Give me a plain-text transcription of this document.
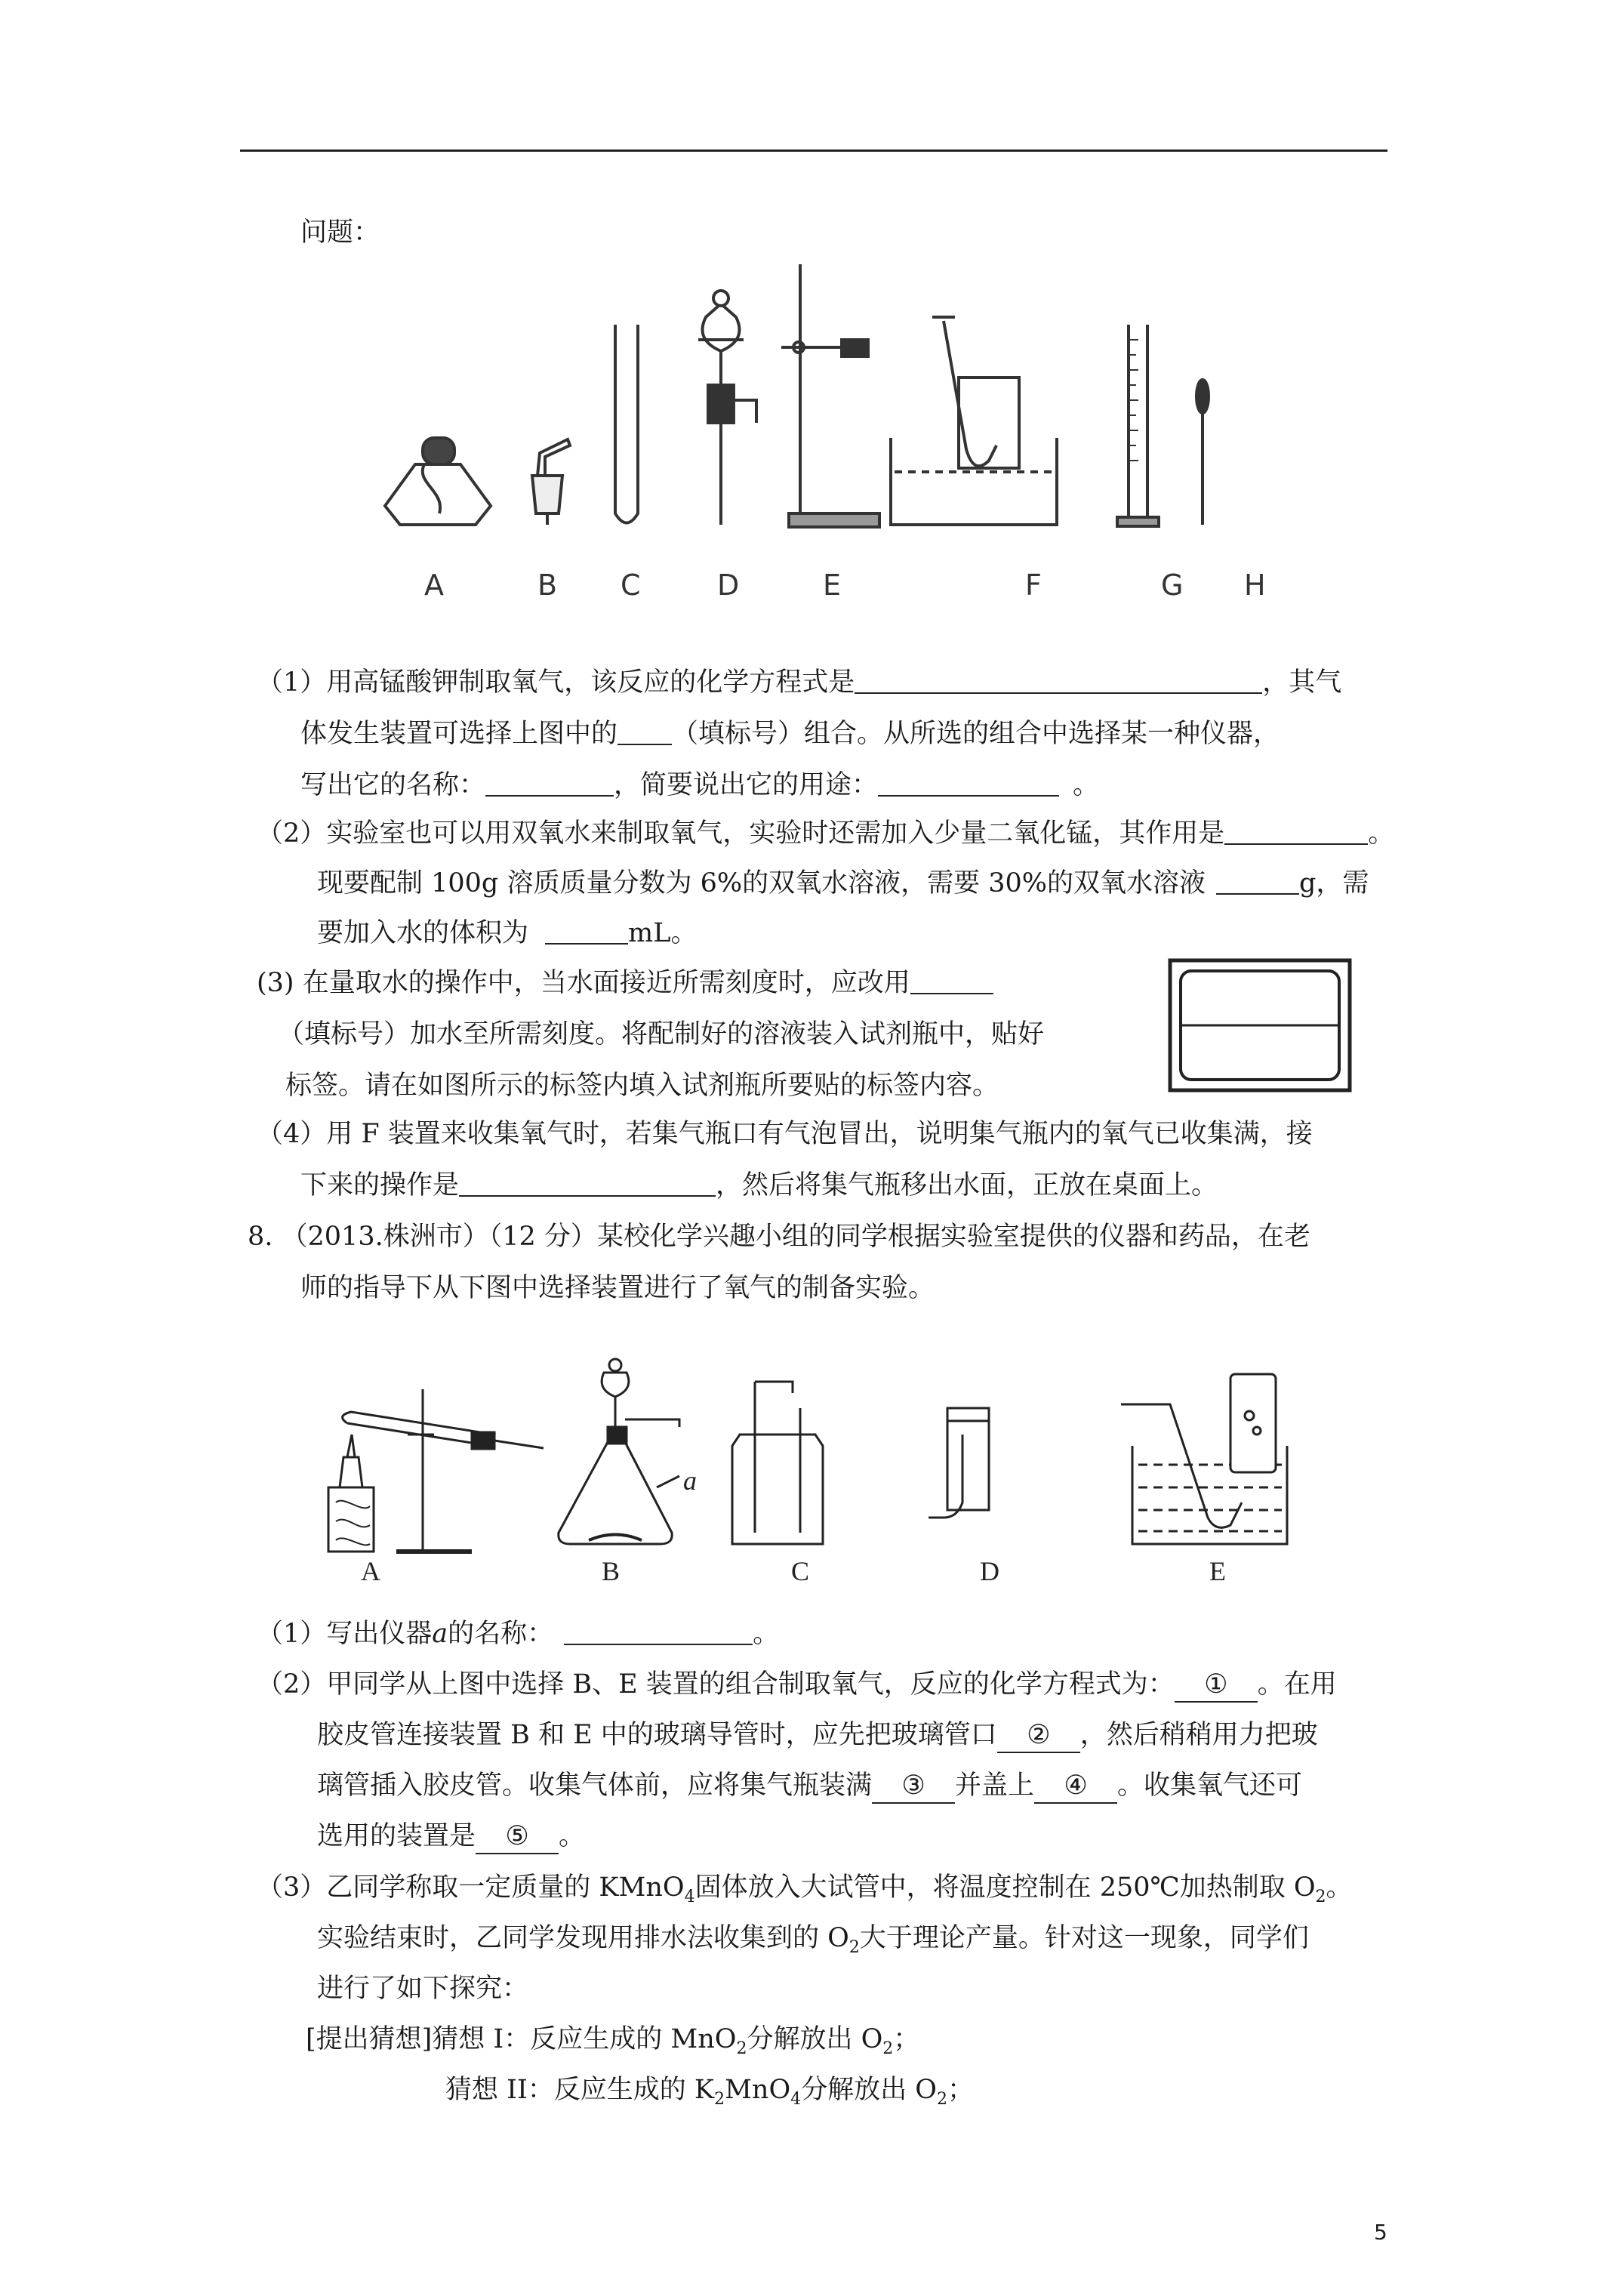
问题：
A	B C	D	E	F	G H
（1）用高锰酸钾制取氧气，该反应的化学方程式是	，其气
体发生装置可选择上图中的 （填标号）组合。从所选的组合中选择某一种仪器，
写出它的名称：	，简要说出它的用途：	。
（2）实验室也可以用双氧水来制取氧气，实验时还需加入少量二氧化锰，其作用是	。
现要配制 100g 溶质质量分数为 6%的双氧水溶液，需要 30%的双氧水溶液	g，需
要加入水的体积为	mL。
(3) 在量取水的操作中，当水面接近所需刻度时，应改用
（填标号）加水至所需刻度。将配制好的溶液装入试剂瓶中，贴好
标签。请在如图所示的标签内填入试剂瓶所要贴的标签内容。
（4）用 F 装置来收集氧气时，若集气瓶口有气泡冒出，说明集气瓶内的氧气已收集满，接
下来的操作是	，然后将集气瓶移出水面，正放在桌面上。
8. （2013.株洲市）（12 分）某校化学兴趣小组的同学根据实验室提供的仪器和药品，在老
师的指导下从下图中选择装置进行了氧气的制备实验。
A	B	C	D	E
a
（1）写出仪器a的名称：	。
（2）甲同学从上图中选择 B、E 装置的组合制取氧气，反应的化学方程式为： ① 。在用
胶皮管连接装置 B 和 E 中的玻璃导管时，应先把玻璃管口 ② ，然后稍稍用力把玻
璃管插入胶皮管。收集气体前，应将集气瓶装满 ③ 并盖上 ④ 。收集氧气还可
选用的装置是 ⑤ 。
（3）乙同学称取一定质量的 KMnO$_4$固体放入大试管中，将温度控制在 250℃加热制取 $O_2$。
实验结束时，乙同学发现用排水法收集到的 $O_2$大于理论产量。针对这一现象，同学们
进行了如下探究：
[提出猜想]猜想 I：反应生成的 MnO$_2$分解放出 $O_2$；
猜想 II：反应生成的 $K_2MnO_4$分解放出 $O_2$；
5
